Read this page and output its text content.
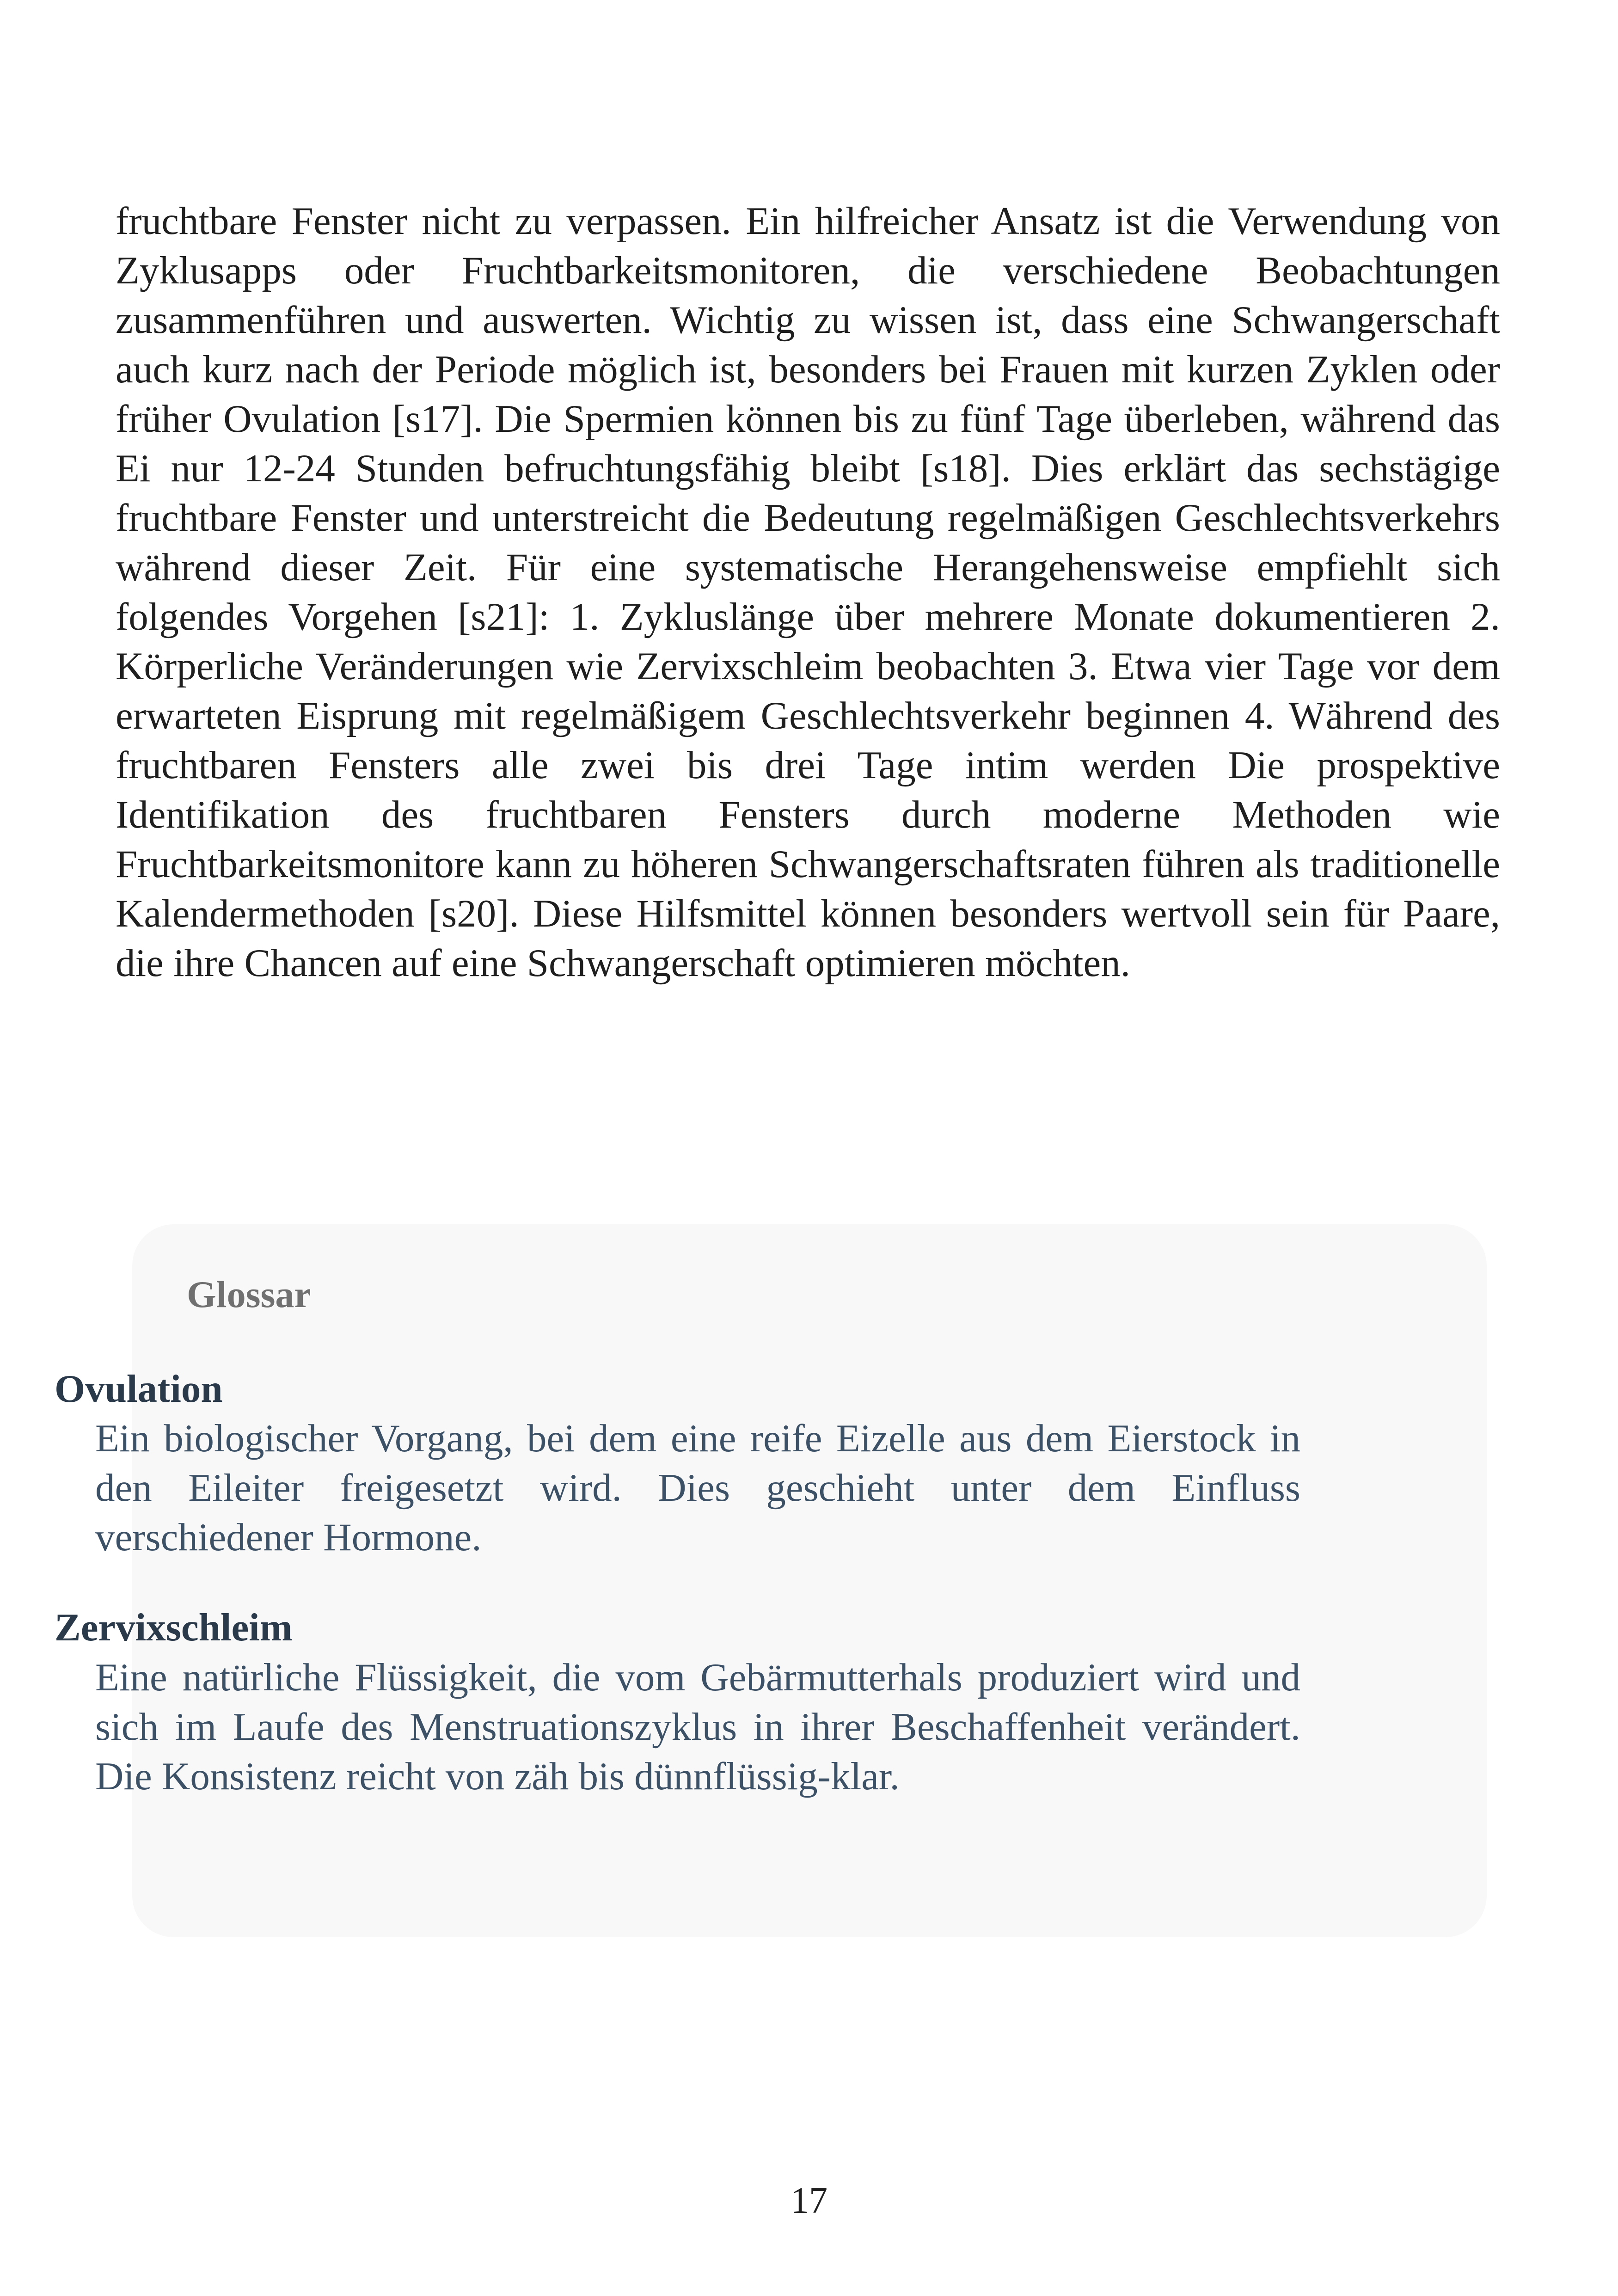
fruchtbare Fenster nicht zu verpassen. Ein hilfreicher Ansatz ist die Verwendung von Zyklusapps oder Fruchtbarkeitsmonitoren, die verschiedene Beobachtungen zusammenführen und auswerten. Wichtig zu wissen ist, dass eine Schwangerschaft auch kurz nach der Periode möglich ist, besonders bei Frauen mit kurzen Zyklen oder früher Ovulation [s17]. Die Spermien können bis zu fünf Tage überleben, während das Ei nur 12-24 Stunden befruchtungsfähig bleibt [s18]. Dies erklärt das sechstägige fruchtbare Fenster und unterstreicht die Bedeutung regelmäßigen Geschlechtsverkehrs während dieser Zeit. Für eine systematische Herangehensweise empfiehlt sich folgendes Vorgehen [s21]: 1. Zykluslänge über mehrere Monate dokumentieren 2. Körperliche Veränderungen wie Zervixschleim beobachten 3. Etwa vier Tage vor dem erwarteten Eisprung mit regelmäßigem Geschlechtsverkehr beginnen 4. Während des fruchtbaren Fensters alle zwei bis drei Tage intim werden Die prospektive Identifikation des fruchtbaren Fensters durch moderne Methoden wie Fruchtbarkeitsmonitore kann zu höheren Schwangerschaftsraten führen als traditionelle Kalendermethoden [s20]. Diese Hilfsmittel können besonders wertvoll sein für Paare, die ihre Chancen auf eine Schwangerschaft optimieren möchten.

Glossar
Ovulation

Ein biologischer Vorgang, bei dem eine reife Eizelle aus dem Eierstock in den Eileiter freigesetzt wird. Dies geschieht unter dem Einfluss verschiedener Hormone.

Zervixschleim

Eine natürliche Flüssigkeit, die vom Gebärmutterhals produziert wird und sich im Laufe des Menstruationszyklus in ihrer Beschaffenheit verändert. Die Konsistenz reicht von zäh bis dünnflüssig-klar.

17
